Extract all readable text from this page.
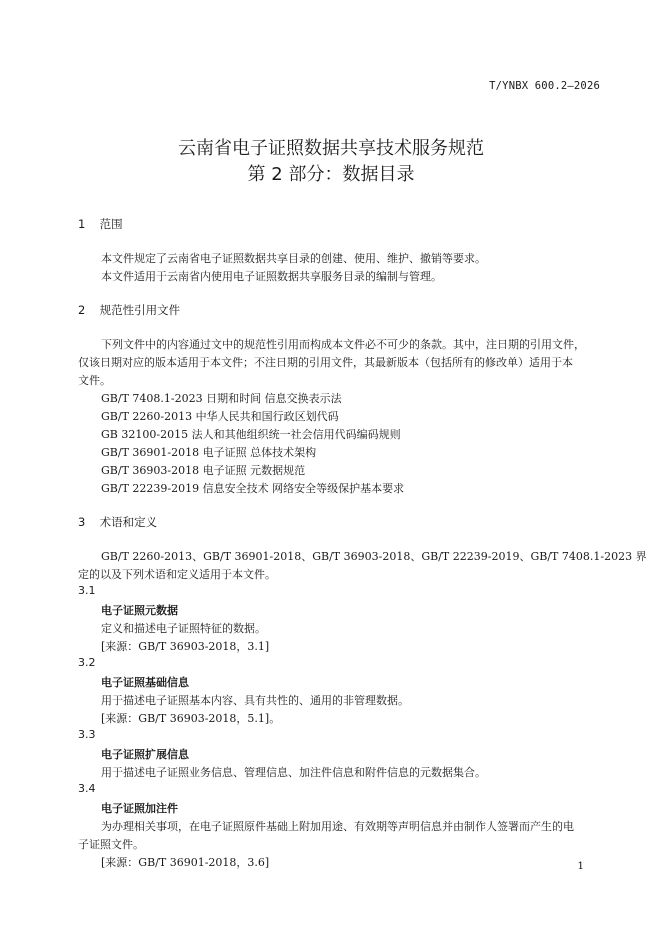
T/YNBX 600.2—2026
云南省电子证照数据共享技术服务规范
第 2 部分：数据目录
1 范围
本文件规定了云南省电子证照数据共享目录的创建、使用、维护、撤销等要求。
本文件适用于云南省内使用电子证照数据共享服务目录的编制与管理。
2 规范性引用文件
下列文件中的内容通过文中的规范性引用而构成本文件必不可少的条款。其中，注日期的引用文件，
仅该日期对应的版本适用于本文件；不注日期的引用文件，其最新版本（包括所有的修改单）适用于本
文件。
GB/T 7408.1-2023 日期和时间 信息交换表示法
GB/T 2260-2013 中华人民共和国行政区划代码
GB 32100-2015 法人和其他组织统一社会信用代码编码规则
GB/T 36901-2018 电子证照 总体技术架构
GB/T 36903-2018 电子证照 元数据规范
GB/T 22239-2019 信息安全技术 网络安全等级保护基本要求
3 术语和定义
GB/T 2260-2013、GB/T 36901-2018、GB/T 36903-2018、GB/T 22239-2019、GB/T 7408.1-2023 界
定的以及下列术语和定义适用于本文件。
3.1
电子证照元数据
定义和描述电子证照特征的数据。
[来源：GB/T 36903-2018，3.1]
3.2
电子证照基础信息
用于描述电子证照基本内容、具有共性的、通用的非管理数据。
[来源：GB/T 36903-2018，5.1]。
3.3
电子证照扩展信息
用于描述电子证照业务信息、管理信息、加注件信息和附件信息的元数据集合。
3.4
电子证照加注件
为办理相关事项，在电子证照原件基础上附加用途、有效期等声明信息并由制作人签署而产生的电
子证照文件。
[来源：GB/T 36901-2018，3.6]	1
